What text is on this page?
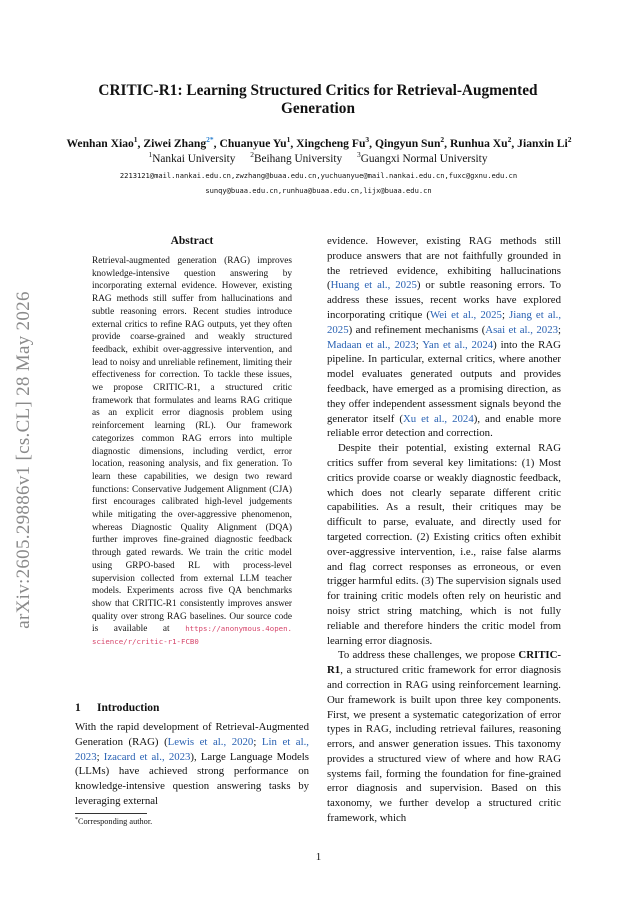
arXiv:2605.29886v1 [cs.CL] 28 May 2026
CRITIC-R1: Learning Structured Critics for Retrieval-Augmented
Generation
Wenhan Xiao$^1$, Ziwei Zhang$^{2*}$, Chuanyue Yu$^1$, Xingcheng Fu$^3$, Qingyun Sun$^2$, Runhua Xu$^2$, Jianxin Li$^2$
$^1$Nankai University $^2$Beihang University $^3$Guangxi Normal University
2213121@mail.nankai.edu.cn,zwzhang@buaa.edu.cn,yuchuanyue@mail.nankai.edu.cn,fuxc@gxnu.edu.cn
sunqy@buaa.edu.cn,runhua@buaa.edu.cn,lijx@buaa.edu.cn
Abstract

Retrieval-augmented generation (RAG) improves knowledge-intensive question answering by incorporating external evidence. However, existing RAG methods still suffer from hallucinations and subtle reasoning errors. Recent studies introduce external critics to refine RAG outputs, yet they often provide coarse-grained and weakly structured feedback, exhibit over-aggressive intervention, and lead to noisy and unreliable refinement, limiting their effectiveness for correction. To tackle these issues, we propose CRITIC-R1, a structured critic framework that formulates and learns RAG critique as an explicit error diagnosis problem using reinforcement learning (RL). Our framework categorizes common RAG errors into multiple diagnostic dimensions, including verdict, error location, reasoning analysis, and fix generation. To learn these capabilities, we design two reward functions: Conservative Judgement Alignment (CJA) first encourages calibrated high-level judgements while mitigating the over-aggressive phenomenon, whereas Diagnostic Quality Alignment (DQA) further improves fine-grained diagnostic feedback through gated rewards. We train the critic model using GRPO-based RL with process-level supervision collected from external LLM teacher models. Experiments across five QA benchmarks show that CRITIC-R1 consistently improves answer quality over strong RAG baselines. Our source code is available at https://anonymous.4open. science/r/critic-r1-FCB0

1 Introduction

With the rapid development of Retrieval-Augmented Generation (RAG) (Lewis et al., 2020; Lin et al., 2023; Izacard et al., 2023), Large Language Models (LLMs) have achieved strong performance on knowledge-intensive question answering tasks by leveraging external

*Corresponding author.

evidence. However, existing RAG methods still produce answers that are not faithfully grounded in the retrieved evidence, exhibiting hallucinations (Huang et al., 2025) or subtle reasoning errors. To address these issues, recent works have explored incorporating critique (Wei et al., 2025; Jiang et al., 2025) and refinement mechanisms (Asai et al., 2023; Madaan et al., 2023; Yan et al., 2024) into the RAG pipeline. In particular, external critics, where another model evaluates generated outputs and provides feedback, have emerged as a promising direction, as they offer independent assessment signals beyond the generator itself (Xu et al., 2024), and enable more reliable error detection and correction.

Despite their potential, existing external RAG critics suffer from several key limitations: (1) Most critics provide coarse or weakly diagnostic feedback, which does not clearly separate different critic capabilities. As a result, their critiques may be difficult to parse, evaluate, and directly used for targeted correction. (2) Existing critics often exhibit over-aggressive intervention, i.e., raise false alarms and flag correct responses as erroneous, or even trigger harmful edits. (3) The supervision signals used for training critic models often rely on heuristic and noisy strict string matching, which is not fully reliable and therefore hinders the critic model from learning error diagnosis.

To address these challenges, we propose CRITIC-R1, a structured critic framework for error diagnosis and correction in RAG using reinforcement learning. Our framework is built upon three key components. First, we present a systematic categorization of error types in RAG, including retrieval failures, reasoning errors, and answer generation issues. This taxonomy provides a structured view of where and how RAG systems fail, forming the foundation for fine-grained error diagnosis and supervision. Based on this taxonomy, we further develop a structured critic framework, which

1
